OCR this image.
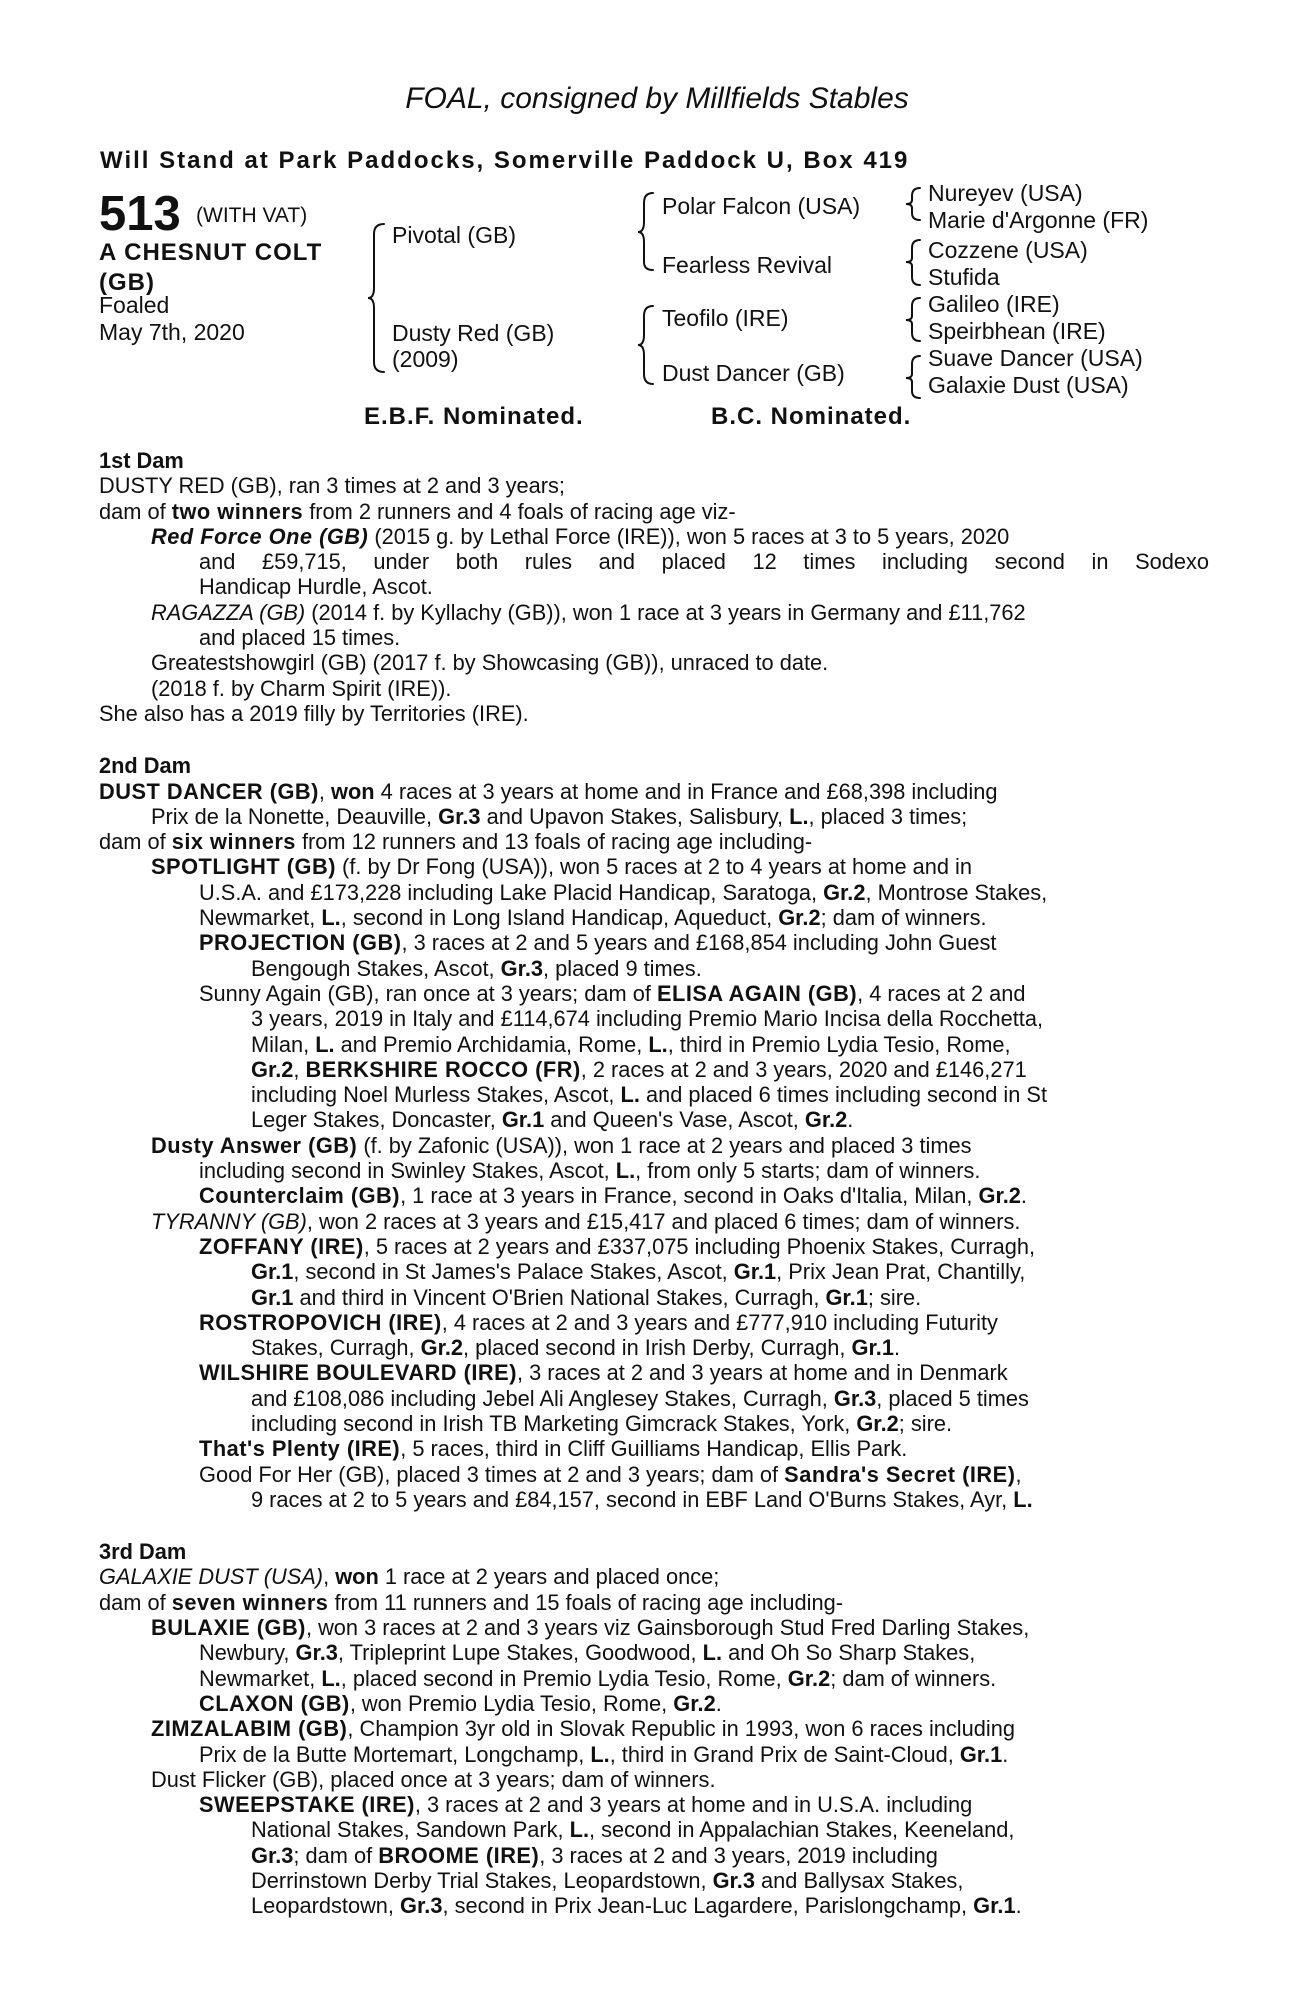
FOAL, consigned by Millfields Stables
Will Stand at Park Paddocks, Somerville Paddock U, Box 419
513 (WITH VAT)
A CHESNUT COLT
(GB)
Foaled
May 7th, 2020
Pivotal (GB)
Dusty Red (GB)
(2009)
Polar Falcon (USA)
Fearless Revival
Teofilo (IRE)
Dust Dancer (GB)
Nureyev (USA)
Marie d'Argonne (FR)
Cozzene (USA)
Stufida
Galileo (IRE)
Speirbhean (IRE)
Suave Dancer (USA)
Galaxie Dust (USA)
E.B.F. Nominated.	B.C. Nominated.
1st Dam
DUSTY RED (GB), ran 3 times at 2 and 3 years;
dam of two winners from 2 runners and 4 foals of racing age viz-
Red Force One (GB) (2015 g. by Lethal Force (IRE)), won 5 races at 3 to 5 years, 2020
and £59,715, under both rules and placed 12 times including second in Sodexo
Handicap Hurdle, Ascot.
RAGAZZA (GB) (2014 f. by Kyllachy (GB)), won 1 race at 3 years in Germany and £11,762
and placed 15 times.
Greatestshowgirl (GB) (2017 f. by Showcasing (GB)), unraced to date.
(2018 f. by Charm Spirit (IRE)).
She also has a 2019 filly by Territories (IRE).
2nd Dam
DUST DANCER (GB), won 4 races at 3 years at home and in France and £68,398 including
Prix de la Nonette, Deauville, Gr.3 and Upavon Stakes, Salisbury, L., placed 3 times;
dam of six winners from 12 runners and 13 foals of racing age including-
SPOTLIGHT (GB) (f. by Dr Fong (USA)), won 5 races at 2 to 4 years at home and in
U.S.A. and £173,228 including Lake Placid Handicap, Saratoga, Gr.2, Montrose Stakes,
Newmarket, L., second in Long Island Handicap, Aqueduct, Gr.2; dam of winners.
PROJECTION (GB), 3 races at 2 and 5 years and £168,854 including John Guest
Bengough Stakes, Ascot, Gr.3, placed 9 times.
Sunny Again (GB), ran once at 3 years; dam of ELISA AGAIN (GB), 4 races at 2 and
3 years, 2019 in Italy and £114,674 including Premio Mario Incisa della Rocchetta,
Milan, L. and Premio Archidamia, Rome, L., third in Premio Lydia Tesio, Rome,
Gr.2, BERKSHIRE ROCCO (FR), 2 races at 2 and 3 years, 2020 and £146,271
including Noel Murless Stakes, Ascot, L. and placed 6 times including second in St
Leger Stakes, Doncaster, Gr.1 and Queen's Vase, Ascot, Gr.2.
Dusty Answer (GB) (f. by Zafonic (USA)), won 1 race at 2 years and placed 3 times
including second in Swinley Stakes, Ascot, L., from only 5 starts; dam of winners.
Counterclaim (GB), 1 race at 3 years in France, second in Oaks d'Italia, Milan, Gr.2.
TYRANNY (GB), won 2 races at 3 years and £15,417 and placed 6 times; dam of winners.
ZOFFANY (IRE), 5 races at 2 years and £337,075 including Phoenix Stakes, Curragh,
Gr.1, second in St James's Palace Stakes, Ascot, Gr.1, Prix Jean Prat, Chantilly,
Gr.1 and third in Vincent O'Brien National Stakes, Curragh, Gr.1; sire.
ROSTROPOVICH (IRE), 4 races at 2 and 3 years and £777,910 including Futurity
Stakes, Curragh, Gr.2, placed second in Irish Derby, Curragh, Gr.1.
WILSHIRE BOULEVARD (IRE), 3 races at 2 and 3 years at home and in Denmark
and £108,086 including Jebel Ali Anglesey Stakes, Curragh, Gr.3, placed 5 times
including second in Irish TB Marketing Gimcrack Stakes, York, Gr.2; sire.
That's Plenty (IRE), 5 races, third in Cliff Guilliams Handicap, Ellis Park.
Good For Her (GB), placed 3 times at 2 and 3 years; dam of Sandra's Secret (IRE),
9 races at 2 to 5 years and £84,157, second in EBF Land O'Burns Stakes, Ayr, L.
3rd Dam
GALAXIE DUST (USA), won 1 race at 2 years and placed once;
dam of seven winners from 11 runners and 15 foals of racing age including-
BULAXIE (GB), won 3 races at 2 and 3 years viz Gainsborough Stud Fred Darling Stakes,
Newbury, Gr.3, Tripleprint Lupe Stakes, Goodwood, L. and Oh So Sharp Stakes,
Newmarket, L., placed second in Premio Lydia Tesio, Rome, Gr.2; dam of winners.
CLAXON (GB), won Premio Lydia Tesio, Rome, Gr.2.
ZIMZALABIM (GB), Champion 3yr old in Slovak Republic in 1993, won 6 races including
Prix de la Butte Mortemart, Longchamp, L., third in Grand Prix de Saint-Cloud, Gr.1.
Dust Flicker (GB), placed once at 3 years; dam of winners.
SWEEPSTAKE (IRE), 3 races at 2 and 3 years at home and in U.S.A. including
National Stakes, Sandown Park, L., second in Appalachian Stakes, Keeneland,
Gr.3; dam of BROOME (IRE), 3 races at 2 and 3 years, 2019 including
Derrinstown Derby Trial Stakes, Leopardstown, Gr.3 and Ballysax Stakes,
Leopardstown, Gr.3, second in Prix Jean-Luc Lagardere, Parislongchamp, Gr.1.
